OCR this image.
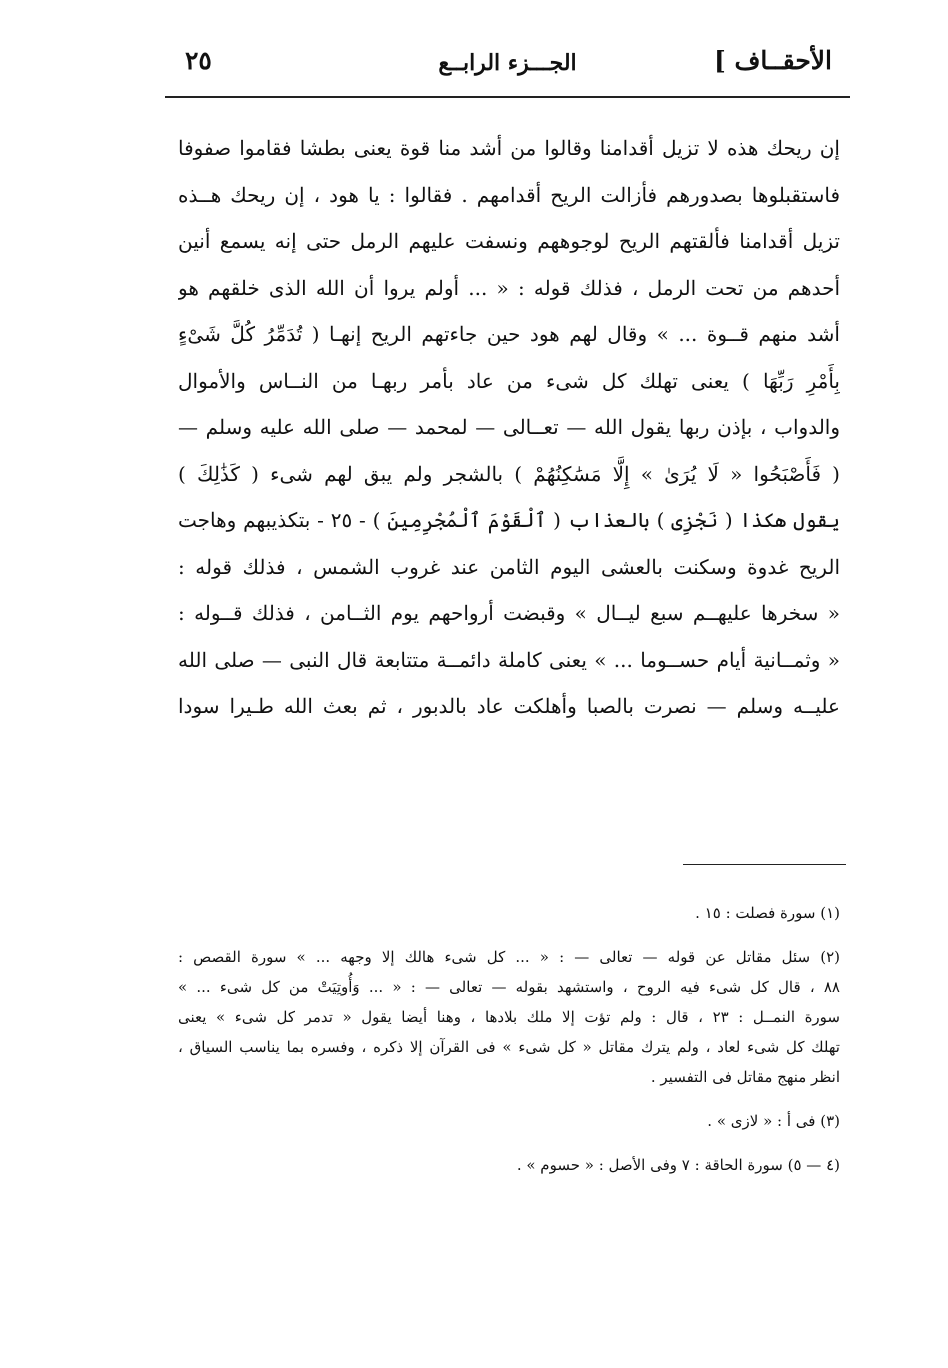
الأحقــاف ]
الجـــزء الرابــع
٢٥
إن ريحك هذه لا تزيل أقدامنا وقالوا من أشد منا قوة يعنى بطشا فقاموا صفوفا
فاستقبلوها بصدورهم فأزالت الريح أقدامهم . فقالوا : يا هود ، إن ريحك هــذه
تزيل أقدامنا فألقتهم الريح لوجوههم ونسفت عليهم الرمل حتى إنه يسمع أنين
أحدهم من تحت الرمل ، فذلك قوله : « ... أولم يروا أن الله الذى خلقهم هو
أشد منهم قــوة ... » وقال لهم هود حين جاءتهم الريح إنهـا ( تُدَمِّرُ كُلَّ شَىْءٍ
بِأَمْرِ رَبِّهَا ) يعنى تهلك كل شىء من عاد بأمر ربهـا من النــاس والأموال
والدواب ، بإذن ربها يقول الله — تعــالى — لمحمد — صلى الله عليه وسلم —
( فَأَصْبَحُوا « لَا يُرَىٰ » إِلَّا مَسَٰكِنُهُمْ ) بالشجر ولم يبق لهم شىء ( كَذَٰلِكَ )
يقول هكذا ( نَجْزِى ) بالعذاب ( ٱلْقَوْمَ ٱلْمُجْرِمِينَ ) - ٢٥ - بتكذيبهم وهاجت
الريح غدوة وسكنت بالعشى اليوم الثامن عند غروب الشمس ، فذلك قوله :
« سخرها عليهــم سبع ليــال » وقبضت أرواحهم يوم الثــامن ، فذلك قــوله :
« وثمــانية أيام حســوما ... » يعنى كاملة دائمــة متتابعة قال النبى — صلى الله
عليــه وسلم — نصرت بالصبا وأهلكت عاد بالدبور ، ثم بعث الله طـيرا سودا
(١) سورة فصلت : ١٥ .
(٢) سئل مقاتل عن قوله — تعالى — : « ... كل شىء هالك إلا وجهه ... » سورة القصص :
٨٨ ، قال كل شىء فيه الروح ، واستشهد بقوله — تعالى — : « ... وَأُوتِيَتْ من كل شىء ... »
سورة النمــل : ٢٣ ، قال : ولم تؤت إلا ملك بلادها ، وهنا أيضا يقول « تدمر كل شىء » يعنى
تهلك كل شىء لعاد ، ولم يترك مقاتل « كل شىء » فى القرآن إلا ذكره ، وفسره بما يناسب السياق ،
انظر منهج مقاتل فى التفسير .
(٣) فى أ : « لازى » .
(٤ — ٥) سورة الحاقة : ٧ وفى الأصل : « حسوم » .
